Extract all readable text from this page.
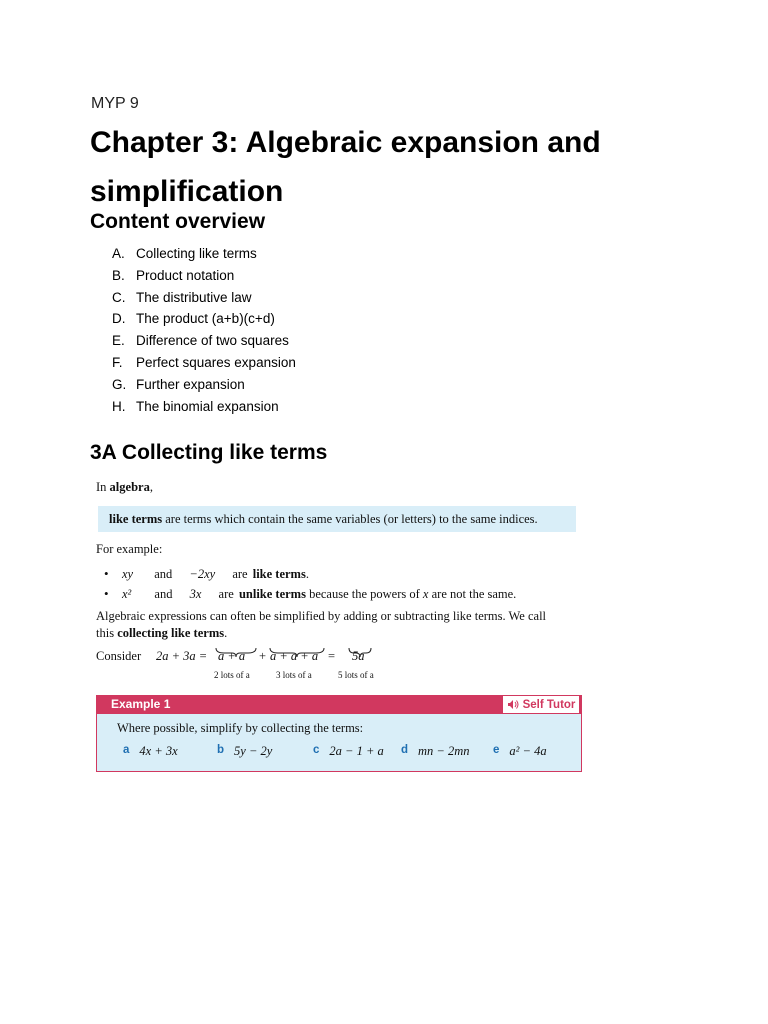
MYP 9
Chapter 3: Algebraic expansion and simplification
Content overview
A. Collecting like terms
B. Product notation
C. The distributive law
D. The product (a+b)(c+d)
E. Difference of two squares
F. Perfect squares expansion
G. Further expansion
H. The binomial expansion
3A Collecting like terms
In algebra,
like terms are terms which contain the same variables (or letters) to the same indices.
For example:
• xy and −2xy are like terms.
• x² and 3x are unlike terms because the powers of x are not the same.
Algebraic expressions can often be simplified by adding or subtracting like terms. We call
this collecting like terms.
Consider 2a + 3a = a + a + a + a + a = 5a
2 lots of a	3 lots of a	5 lots of a
Example 1	Self Tutor
Where possible, simplify by collecting the terms:
a 4x + 3x	b 5y − 2y	c 2a − 1 + a d mn − 2mn e a² − 4a
